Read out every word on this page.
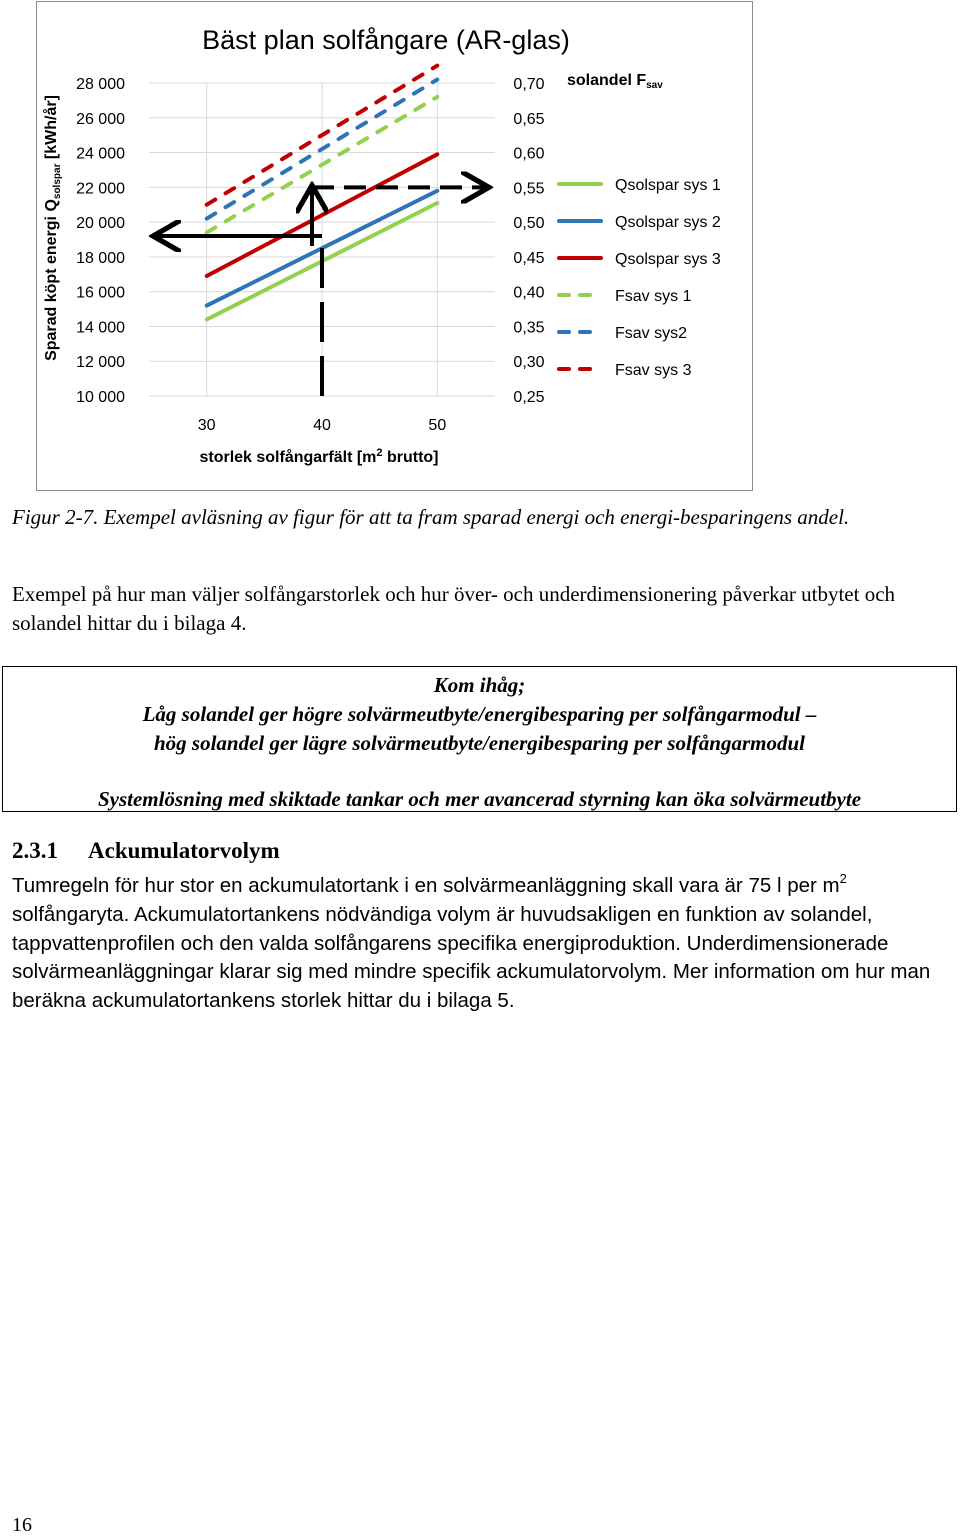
Bäst plan solfångare (AR-glas)
28 000
26 000
24 000
22 000
20 000
18 000
16 000
14 000
12 000
10 000
0,70
0,65
0,60
0,55
0,50
0,45
0,40
0,35
0,30
0,25
30	40	50
Qsolspar sys 1
Qsolspar sys 2
Qsolspar sys 3
Fsav sys 1
Fsav sys2
Fsav sys 3
Sparad köpt energi $Q_{solspar}$ [kWh/år]
solandel Fsav
storlek solfångarfält [$m^2$ brutto]
Figur 2-7. Exempel avläsning av figur för att ta fram sparad energi och energi-besparingens andel.
Exempel på hur man väljer solfångarstorlek och hur över- och underdimensionering påverkar utbytet och solandel hittar du i bilaga 4.
Kom ihåg;
Låg solandel ger högre solvärmeutbyte/energibesparing per solfångarmodul –
hög solandel ger lägre solvärmeutbyte/energibesparing per solfångarmodul
Systemlösning med skiktade tankar och mer avancerad styrning kan öka solvärmeutbyte
2.3.1 Ackumulatorvolym
Tumregeln för hur stor en ackumulatortank i en solvärmeanläggning skall vara är 75 l per $m^2$ solfångaryta. Ackumulatortankens nödvändiga volym är huvudsakligen en funktion av solandel, tappvattenprofilen och den valda solfångarens specifika energiproduktion. Underdimensionerade solvärmeanläggningar klarar sig med mindre specifik ackumulatorvolym. Mer information om hur man beräkna ackumulatortankens storlek hittar du i bilaga 5.
16
